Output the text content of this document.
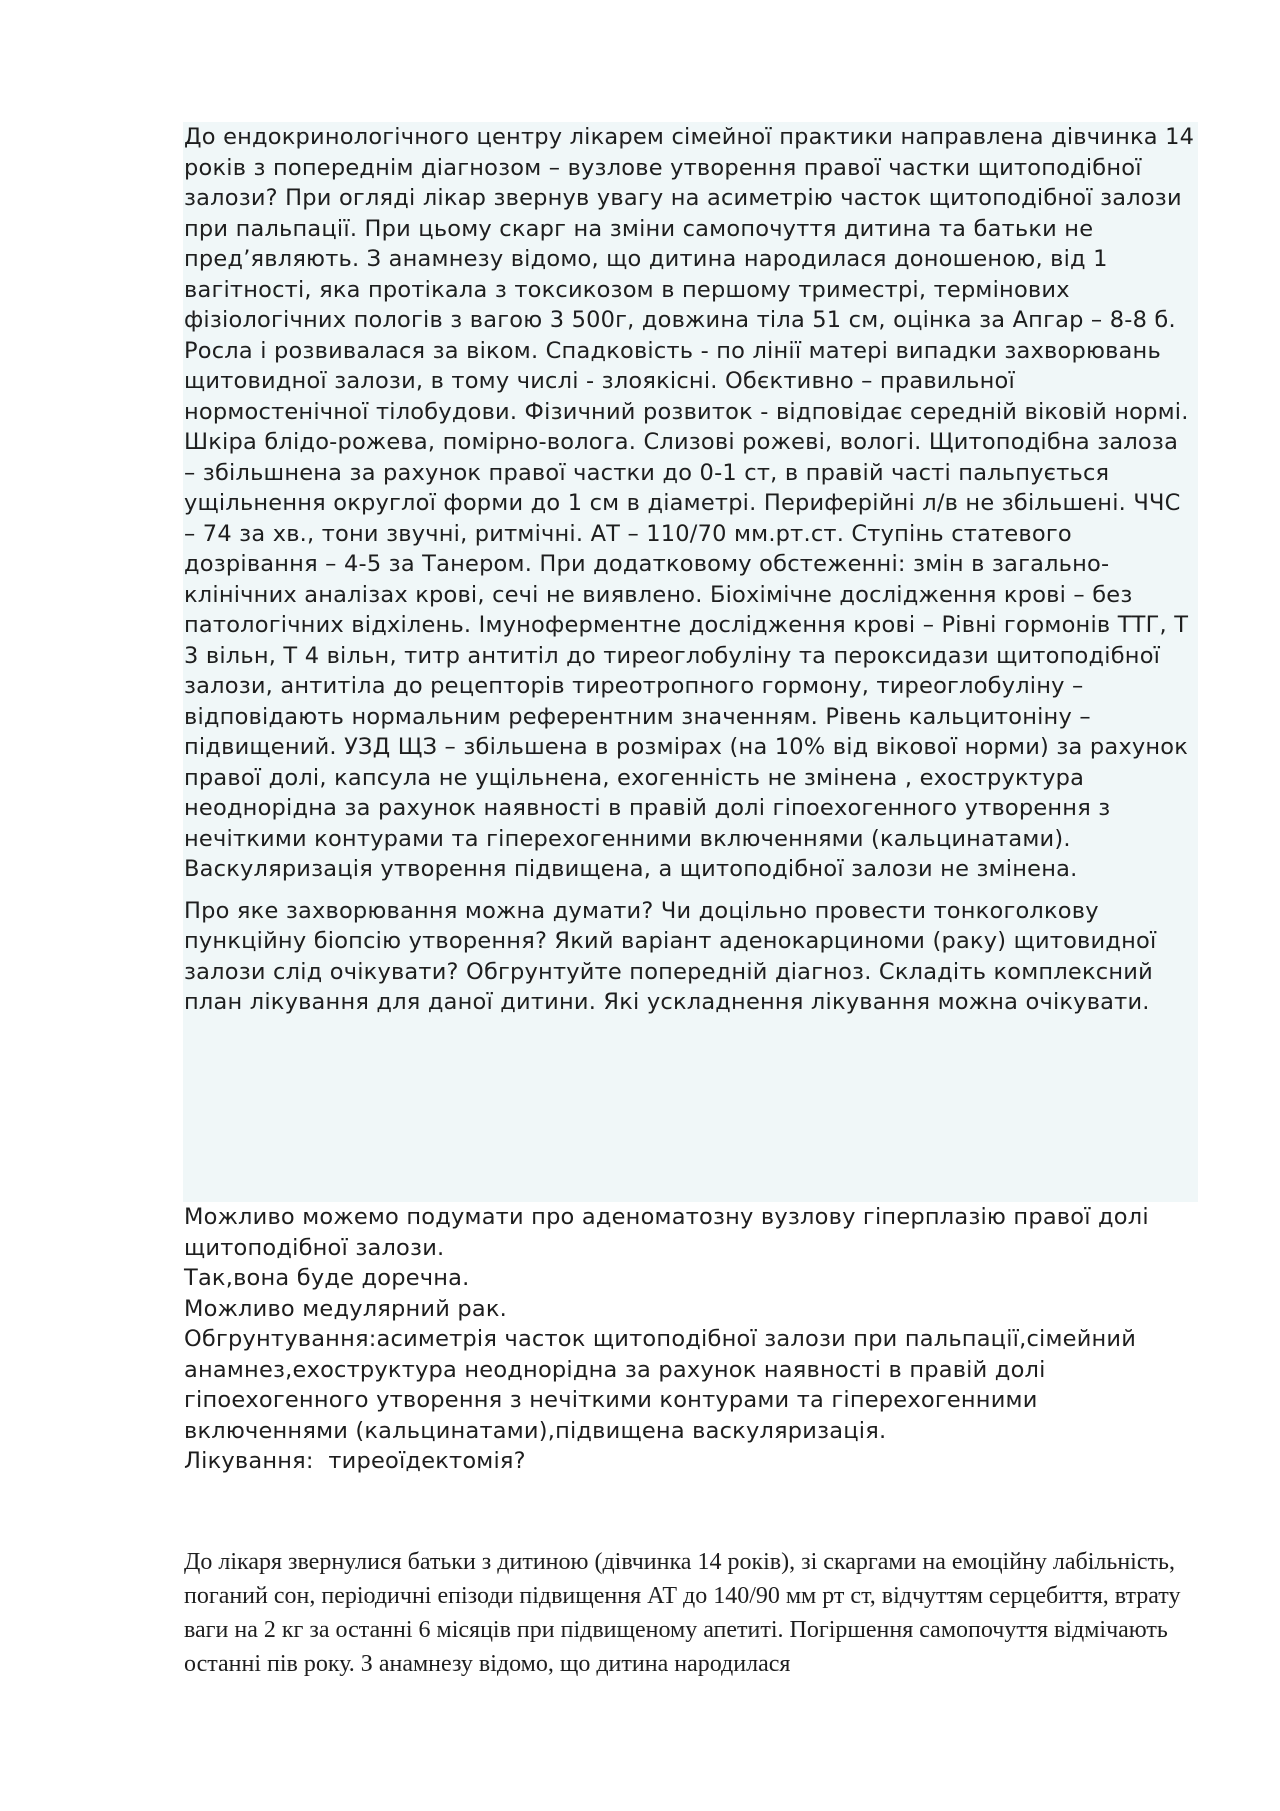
До ендокринологічного центру лікарем сімейної практики направлена дівчинка 14 років з попереднім діагнозом – вузлове утворення правої частки щитоподібної залози? При огляді лікар звернув увагу на асиметрію часток щитоподібної залози при пальпації. При цьому скарг на зміни самопочуття дитина та батьки не пред’являють. З анамнезу відомо, що дитина народилася доношеною, від 1 вагітності, яка протікала з токсикозом в першому триместрі, термінових фізіологічних пологів з вагою 3 500г, довжина тіла 51 см, оцінка за Апгар – 8-8 б. Росла і розвивалася за віком. Спадковість - по лінії матері випадки захворювань щитовидної залози, в тому числі - злоякісні. Обєктивно – правильної нормостенічної тілобудови. Фізичний розвиток - відповідає середній віковій нормі. Шкіра блідо-рожева, помірно-волога. Слизові рожеві, вологі. Щитоподібна залоза – збільшнена за рахунок правої частки до 0-1 ст, в правій часті пальпується ущільнення округлої форми до 1 см в діаметрі. Периферійні л/в не збільшені. ЧЧС – 74 за хв., тони звучні, ритмічні. АТ – 110/70 мм.рт.ст. Ступінь статевого дозрівання – 4-5 за Танером. При додатковому обстеженні: змін в загально-клінічних аналізах крові, сечі не виявлено. Біохімічне дослідження крові – без патологічних відхілень. Імуноферментне дослідження крові – Рівні гормонів ТТГ, Т 3 вільн, Т 4 вільн, титр антитіл до тиреоглобуліну та пероксидази щитоподібної залози, антитіла до рецепторів тиреотропного гормону, тиреоглобуліну – відповідають нормальним референтним значенням. Рівень кальцитоніну – підвищений. УЗД ЩЗ – збільшена в розмірах (на 10% від вікової норми) за рахунок правої долі, капсула не ущільнена, ехогенність не змінена , ехоструктура неоднорідна за рахунок наявності в правій долі гіпоехогенного утворення з нечіткими контурами та гіперехогенними включеннями (кальцинатами). Васкуляризація утворення підвищена, а щитоподібної залози не змінена.

Про яке захворювання можна думати? Чи доцільно провести тонкоголкову пункційну біопсію утворення? Який варіант аденокарциноми (раку) щитовидної залози слід очікувати? Обгрунтуйте попередній діагноз. Складіть комплексний план лікування для даної дитини. Які ускладнення лікування можна очікувати.

Можливо можемо подумати про аденоматозну вузлову гіперплазію правої долі щитоподібної залози.
Так,вона буде доречна.
Можливо медулярний рак.
Обгрунтування:асиметрія часток щитоподібної залози при пальпації,сімейний анамнез,ехоструктура неоднорідна за рахунок наявності в правій долі гіпоехогенного утворення з нечіткими контурами та гіперехогенними включеннями (кальцинатами),підвищена васкуляризація.
Лікування:  тиреоїдектомія?

До лікаря звернулися батьки з дитиною (дівчинка 14 років), зі скаргами на емоційну лабільність, поганий сон, періодичні епізоди підвищення АТ до 140/90 мм рт ст, відчуттям серцебиття, втрату ваги на 2 кг за останні 6 місяців при підвищеному апетиті. Погіршення самопочуття відмічають останні пів року. З анамнезу відомо, що дитина народилася
